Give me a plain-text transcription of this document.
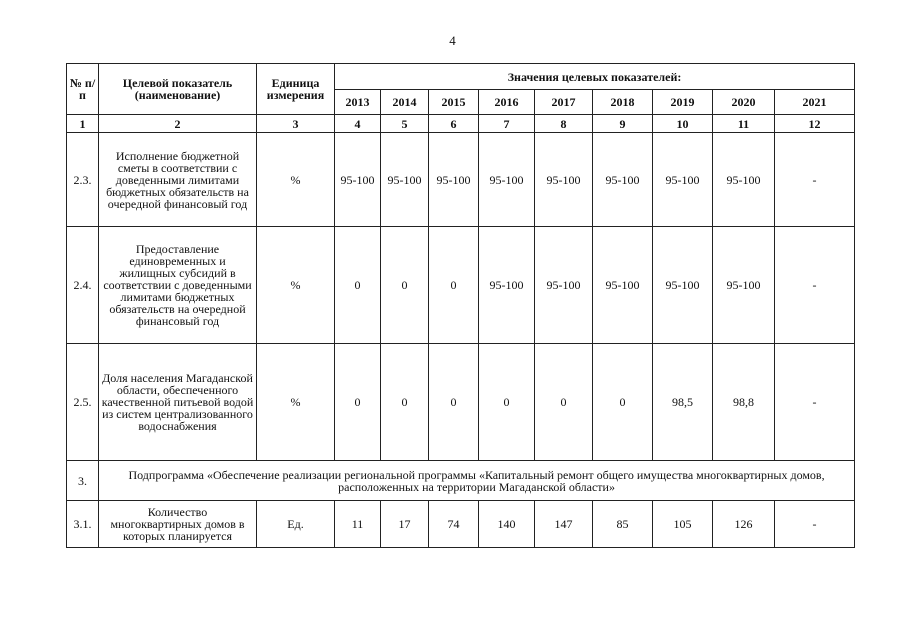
4
№ п/п	Целевой показатель (наименование)	Единица измерения	Значения целевых показателей:								
			2013	2014	2015	2016	2017	2018	2019	2020	2021
1	2	3	4	5	6	7	8	9	10	11	12
2.3.	Исполнение бюджетной сметы в соответствии с доведенными лимитами бюджетных обязательств на очередной финансовый год	%	95-100	95-100	95-100	95-100	95-100	95-100	95-100	95-100	-
2.4.	Предоставление единовременных и жилищных субсидий в соответствии с доведенными лимитами бюджетных обязательств на очередной финансовый год	%	0	0	0	95-100	95-100	95-100	95-100	95-100	-
2.5.	Доля населения Магаданской области, обеспеченного качественной питьевой водой из систем централизованного водоснабжения	%	0	0	0	0	0	0	98,5	98,8	-
3.	Подпрограмма «Обеспечение реализации региональной программы «Капитальный ремонт общего имущества многоквартирных домов, расположенных на территории Магаданской области»										
3.1.	Количество многоквартирных домов в которых планируется	Ед.	11	17	74	140	147	85	105	126	-
